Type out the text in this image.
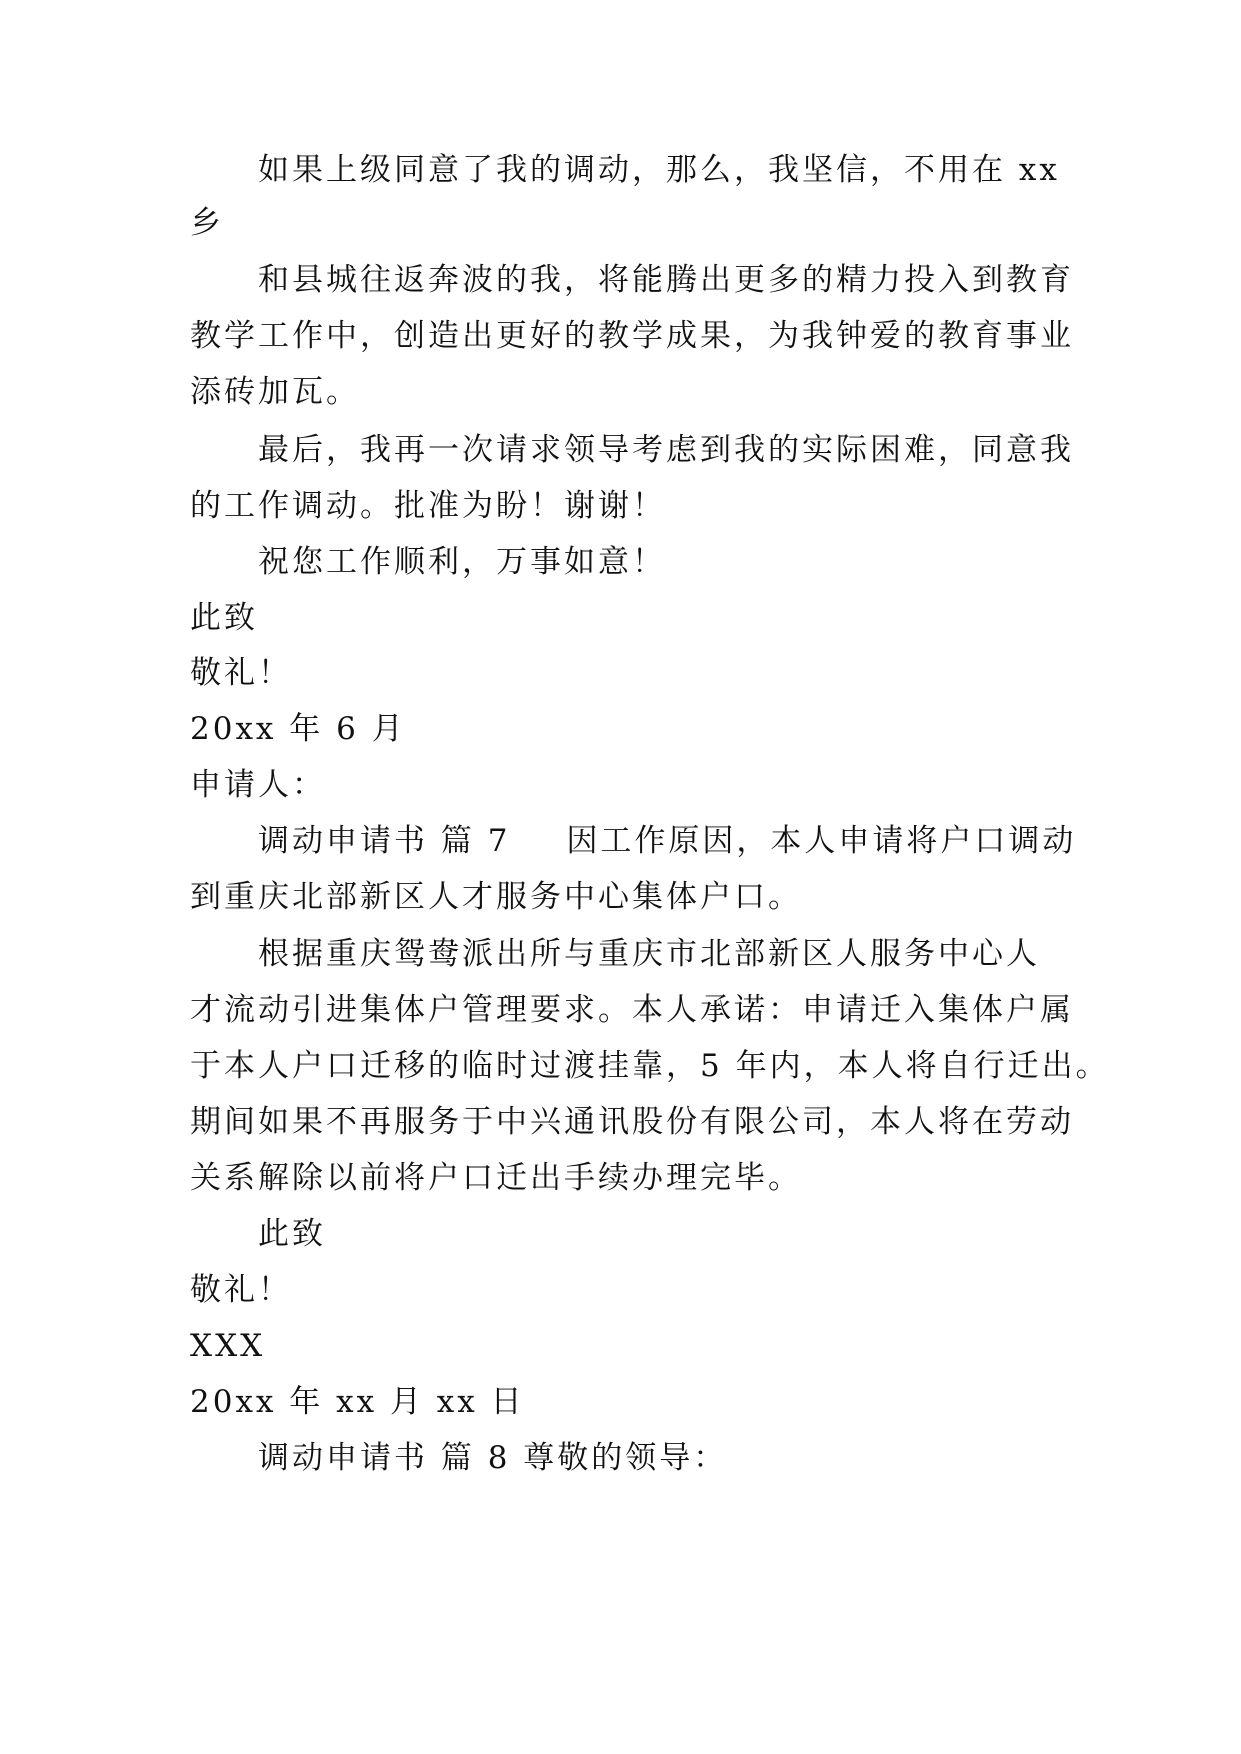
如果上级同意了我的调动，那么，我坚信，不用在 xx
乡
和县城往返奔波的我，将能腾出更多的精力投入到教育
教学工作中，创造出更好的教学成果，为我钟爱的教育事业
添砖加瓦。
最后，我再一次请求领导考虑到我的实际困难，同意我
的工作调动。批准为盼！谢谢！
祝您工作顺利，万事如意！
此致
敬礼！
20xx 年 6 月
申请人：
调动申请书 篇 7 因工作原因，本人申请将户口调动
到重庆北部新区人才服务中心集体户口。
根据重庆鸳鸯派出所与重庆市北部新区人服务中心人
才流动引进集体户管理要求。本人承诺：申请迁入集体户属
于本人户口迁移的临时过渡挂靠，5 年内，本人将自行迁出。
期间如果不再服务于中兴通讯股份有限公司，本人将在劳动
关系解除以前将户口迁出手续办理完毕。
此致
敬礼！
XXX
20xx 年 xx 月 xx 日
调动申请书 篇 8 尊敬的领导：
